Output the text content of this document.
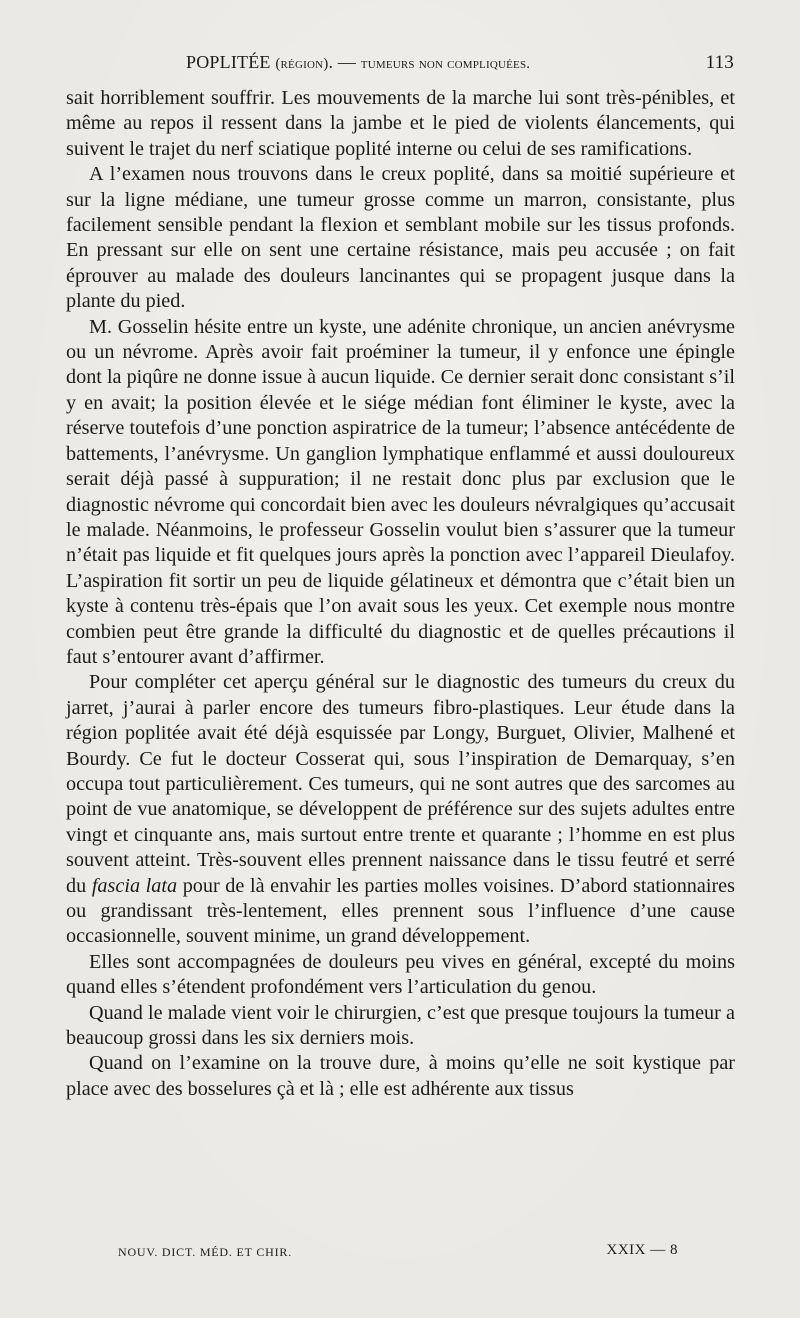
POPLITÉE (région). — tumeurs non compliquées.	113

sait horriblement souffrir. Les mouvements de la marche lui sont très-pénibles, et même au repos il ressent dans la jambe et le pied de violents élancements, qui suivent le trajet du nerf sciatique poplité interne ou celui de ses ramifications.

A l’examen nous trouvons dans le creux poplité, dans sa moitié supérieure et sur la ligne médiane, une tumeur grosse comme un marron, consistante, plus facilement sensible pendant la flexion et semblant mobile sur les tissus profonds. En pressant sur elle on sent une certaine résistance, mais peu accusée ; on fait éprouver au malade des douleurs lancinantes qui se propagent jusque dans la plante du pied.

M. Gosselin hésite entre un kyste, une adénite chronique, un ancien anévrysme ou un névrome. Après avoir fait proéminer la tumeur, il y enfonce une épingle dont la piqûre ne donne issue à aucun liquide. Ce dernier serait donc consistant s’il y en avait; la position élevée et le siége médian font éliminer le kyste, avec la réserve toutefois d’une ponction aspiratrice de la tumeur; l’absence antécédente de battements, l’anévrysme. Un ganglion lymphatique enflammé et aussi douloureux serait déjà passé à suppuration; il ne restait donc plus par exclusion que le diagnostic névrome qui concordait bien avec les douleurs névralgiques qu’accusait le malade. Néanmoins, le professeur Gosselin voulut bien s’assurer que la tumeur n’était pas liquide et fit quelques jours après la ponction avec l’appareil Dieulafoy. L’aspiration fit sortir un peu de liquide gélatineux et démontra que c’était bien un kyste à contenu très-épais que l’on avait sous les yeux. Cet exemple nous montre combien peut être grande la difficulté du diagnostic et de quelles précautions il faut s’entourer avant d’affirmer.

Pour compléter cet aperçu général sur le diagnostic des tumeurs du creux du jarret, j’aurai à parler encore des tumeurs fibro-plastiques. Leur étude dans la région poplitée avait été déjà esquissée par Longy, Burguet, Olivier, Malhené et Bourdy. Ce fut le docteur Cosserat qui, sous l’inspiration de Demarquay, s’en occupa tout particulièrement. Ces tumeurs, qui ne sont autres que des sarcomes au point de vue anatomique, se développent de préférence sur des sujets adultes entre vingt et cinquante ans, mais surtout entre trente et quarante ; l’homme en est plus souvent atteint. Très-souvent elles prennent naissance dans le tissu feutré et serré du fascia lata pour de là envahir les parties molles voisines. D’abord stationnaires ou grandissant très-lentement, elles prennent sous l’influence d’une cause occasionnelle, souvent minime, un grand développement.

Elles sont accompagnées de douleurs peu vives en général, excepté du moins quand elles s’étendent profondément vers l’articulation du genou.

Quand le malade vient voir le chirurgien, c’est que presque toujours la tumeur a beaucoup grossi dans les six derniers mois.

Quand on l’examine on la trouve dure, à moins qu’elle ne soit kystique par place avec des bosselures çà et là ; elle est adhérente aux tissus

NOUV. DICT. MÉD. ET CHIR.	XXIX — 8
